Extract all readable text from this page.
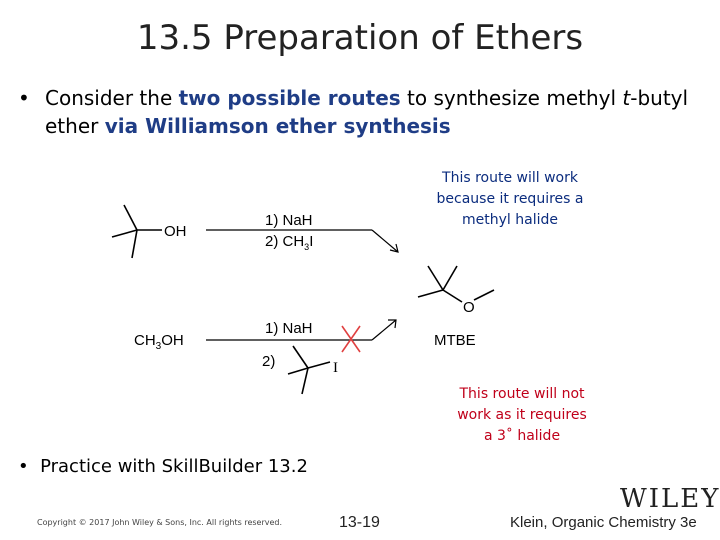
13.5 Preparation of Ethers
• Consider the two possible routes to synthesize methyl t-butyl ether via Williamson ether synthesis
This route will work
because it requires a
methyl halide
This route will not
work as it requires
a 3˚ halide
OH
1) NaH
2) $CH_3I$
O
MTBE
$CH_3OH$
1) NaH
2)	I
• Practice with SkillBuilder 13.2
Copyright © 2017 John Wiley & Sons, Inc. All rights reserved.	13-19
WILEY
Klein, Organic Chemistry 3e
